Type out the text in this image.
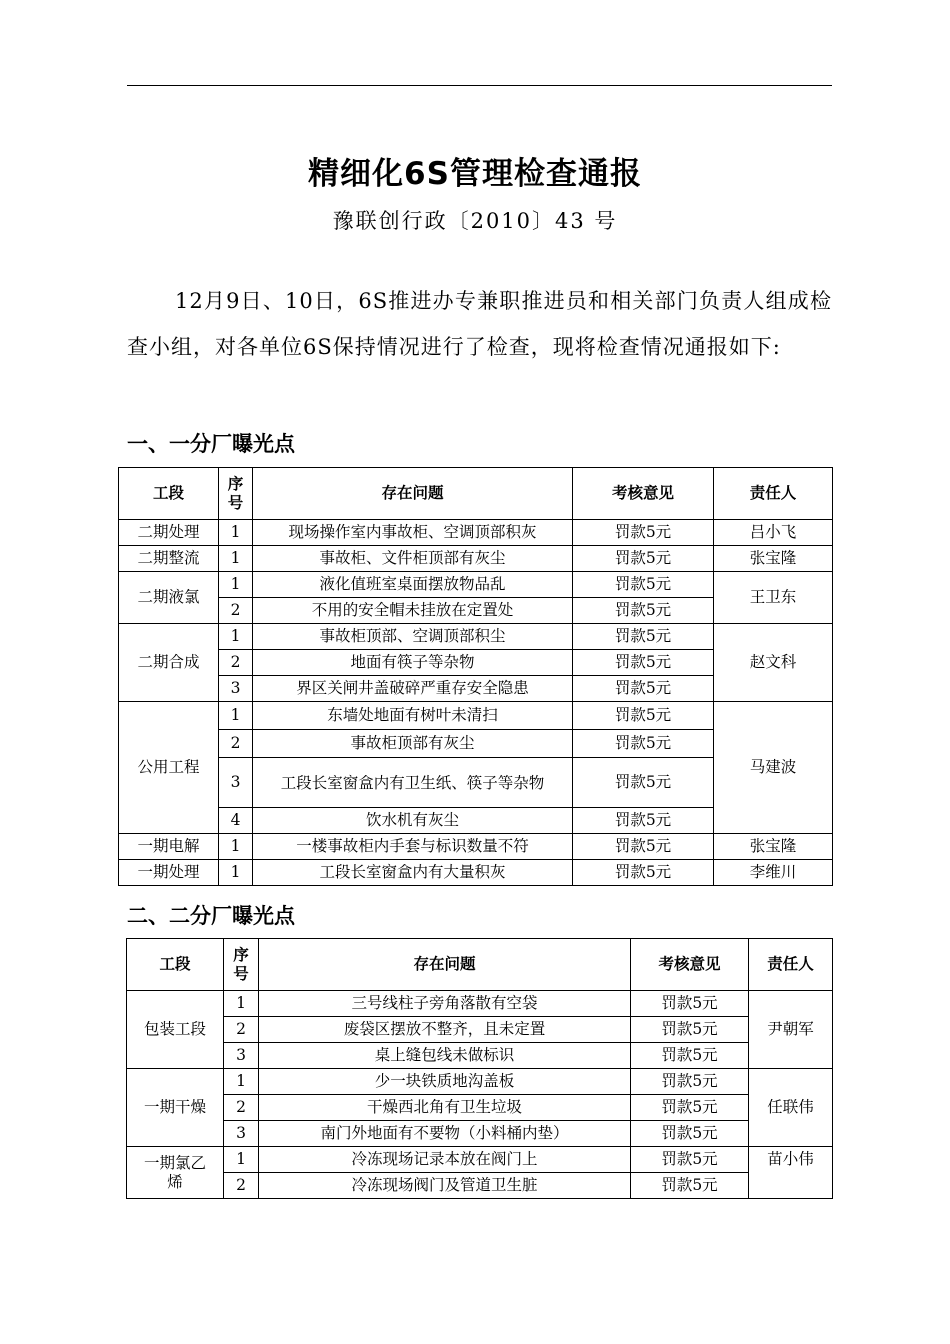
精细化6S管理检查通报
豫联创行政〔2010〕43 号
12月9日、10日，6S推进办专兼职推进员和相关部门负责人组成检查小组，对各单位6S保持情况进行了检查，现将检查情况通报如下:
一、一分厂曝光点
工段	序号	存在问题	考核意见	责任人
二期处理	1	现场操作室内事故柜、空调顶部积灰	罚款5元	吕小飞
二期整流	1	事故柜、文件柜顶部有灰尘	罚款5元	张宝隆
二期液氯	1	液化值班室桌面摆放物品乱	罚款5元	王卫东
	2	不用的安全帽未挂放在定置处	罚款5元	
二期合成	1	事故柜顶部、空调顶部积尘	罚款5元	赵文科
	2	地面有筷子等杂物	罚款5元	
	3	界区关闸井盖破碎严重存安全隐患	罚款5元	
公用工程	1	东墙处地面有树叶未清扫	罚款5元	马建波
	2	事故柜顶部有灰尘	罚款5元	
	3	工段长室窗盒内有卫生纸、筷子等杂物	罚款5元	
	4	饮水机有灰尘	罚款5元	
一期电解	1	一楼事故柜内手套与标识数量不符	罚款5元	张宝隆
一期处理	1	工段长室窗盒内有大量积灰	罚款5元	李维川
二、二分厂曝光点
工段	序号	存在问题	考核意见	责任人
包装工段	1	三号线柱子旁角落散有空袋	罚款5元	尹朝军
	2	废袋区摆放不整齐，且未定置	罚款5元	
	3	桌上缝包线未做标识	罚款5元	
一期干燥	1	少一块铁质地沟盖板	罚款5元	任联伟
	2	干燥西北角有卫生垃圾	罚款5元	
	3	南门外地面有不要物（小料桶内垫）	罚款5元	
一期氯乙烯	1	冷冻现场记录本放在阀门上	罚款5元	苗小伟
	2	冷冻现场阀门及管道卫生脏	罚款5元	
